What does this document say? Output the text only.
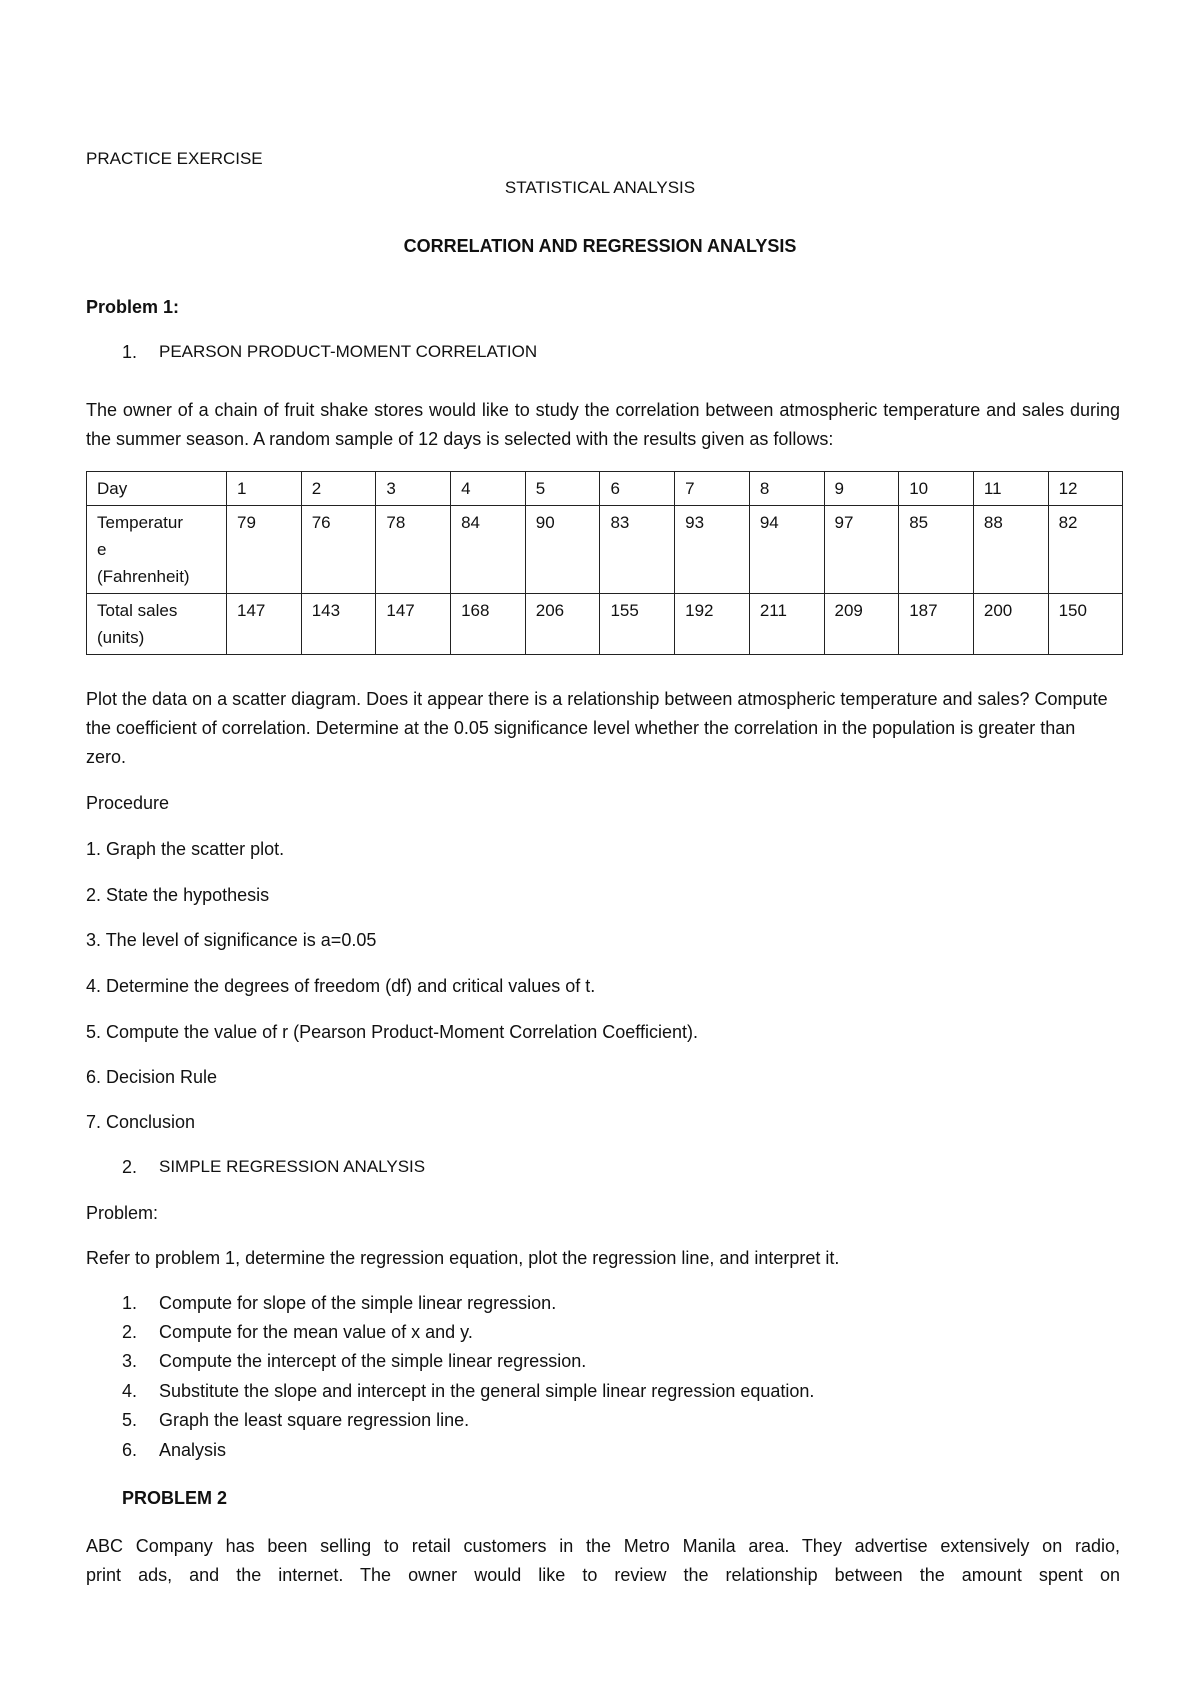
PRACTICE EXERCISE
STATISTICAL ANALYSIS
CORRELATION AND REGRESSION ANALYSIS
Problem 1:
1. PEARSON PRODUCT-MOMENT CORRELATION
The owner of a chain of fruit shake stores would like to study the correlation between atmospheric temperature and sales during the summer season. A random sample of 12 days is selected with the results given as follows:
Day	1	2	3	4	5	6	7	8	9	10	11	12

Temperatur
e
(Fahrenheit)	79	76	78	84	90	83	93	94	97	85	88	82

Total sales
(units)	147	143	147	168	206	155	192	211	209	187	200	150
Plot the data on a scatter diagram. Does it appear there is a relationship between atmospheric temperature and sales? Compute the coefficient of correlation. Determine at the 0.05 significance level whether the correlation in the population is greater than zero.
Procedure
1. Graph the scatter plot.
2. State the hypothesis
3. The level of significance is a=0.05
4. Determine the degrees of freedom (df) and critical values of t.
5. Compute the value of r (Pearson Product-Moment Correlation Coefficient).
6. Decision Rule
7. Conclusion
2. SIMPLE REGRESSION ANALYSIS
Problem:
Refer to problem 1, determine the regression equation, plot the regression line, and interpret it.
1. Compute for slope of the simple linear regression.
2. Compute for the mean value of x and y.
3. Compute the intercept of the simple linear regression.
4. Substitute the slope and intercept in the general simple linear regression equation.
5. Graph the least square regression line.
6. Analysis
PROBLEM 2
ABC Company has been selling to retail customers in the Metro Manila area. They advertise extensively on radio,
print ads, and the internet. The owner would like to review the relationship between the amount spent on
